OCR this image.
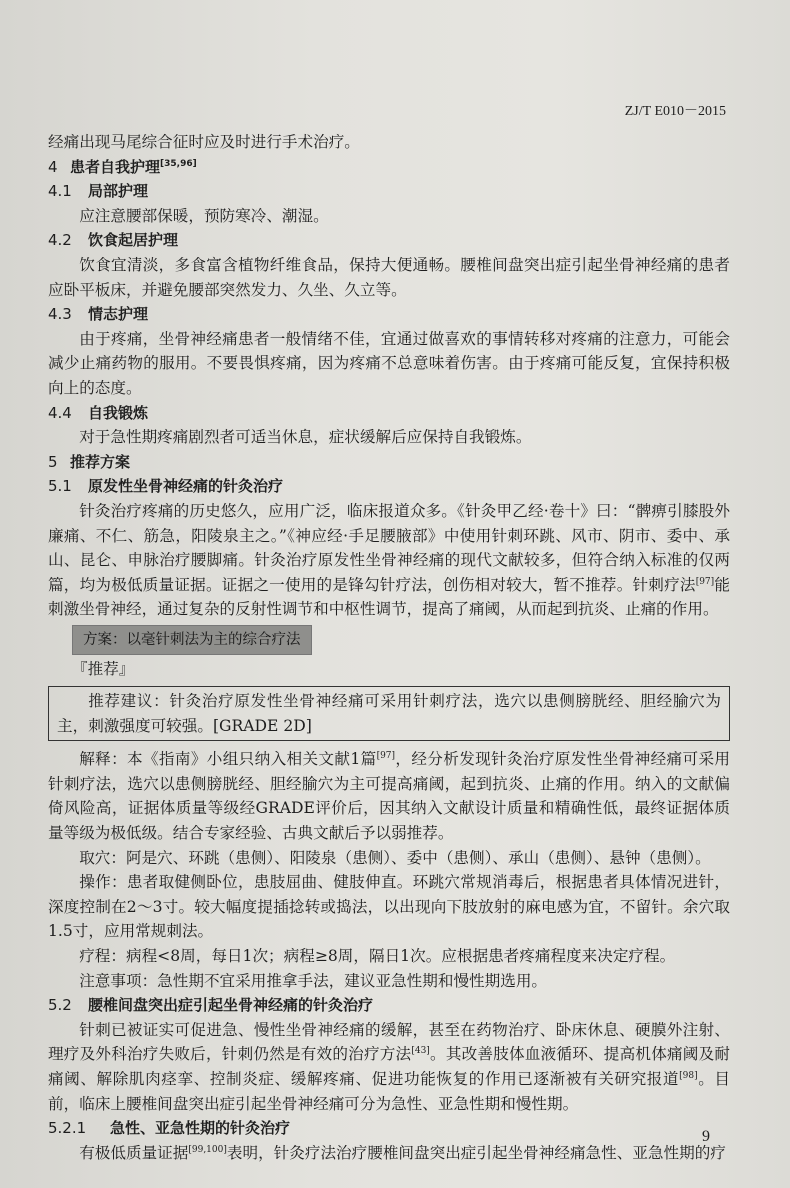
ZJ/T E010－2015

经痛出现马尾综合征时应及时进行手术治疗。

4 患者自我护理[35,96]

4.1 局部护理

应注意腰部保暖，预防寒冷、潮湿。

4.2 饮食起居护理

饮食宜清淡，多食富含植物纤维食品，保持大便通畅。腰椎间盘突出症引起坐骨神经痛的患者应卧平板床，并避免腰部突然发力、久坐、久立等。

4.3 情志护理

由于疼痛，坐骨神经痛患者一般情绪不佳，宜通过做喜欢的事情转移对疼痛的注意力，可能会减少止痛药物的服用。不要畏惧疼痛，因为疼痛不总意味着伤害。由于疼痛可能反复，宜保持积极向上的态度。

4.4 自我锻炼

对于急性期疼痛剧烈者可适当休息，症状缓解后应保持自我锻炼。

5 推荐方案

5.1 原发性坐骨神经痛的针灸治疗

针灸治疗疼痛的历史悠久，应用广泛，临床报道众多。《针灸甲乙经·卷十》曰：“髀痹引膝股外廉痛、不仁、筋急，阳陵泉主之。”《神应经·手足腰腋部》中使用针刺环跳、风市、阴市、委中、承山、昆仑、申脉治疗腰脚痛。针灸治疗原发性坐骨神经痛的现代文献较多，但符合纳入标准的仅两篇，均为极低质量证据。证据之一使用的是锋勾针疗法，创伤相对较大，暂不推荐。针刺疗法[97]能刺激坐骨神经，通过复杂的反射性调节和中枢性调节，提高了痛阈，从而起到抗炎、止痛的作用。

方案：以毫针刺法为主的综合疗法
『推荐』

推荐建议：针灸治疗原发性坐骨神经痛可采用针刺疗法，选穴以患侧膀胱经、胆经腧穴为主，刺激强度可较强。[GRADE 2D]

解释：本《指南》小组只纳入相关文献1篇[97]，经分析发现针灸治疗原发性坐骨神经痛可采用针刺疗法，选穴以患侧膀胱经、胆经腧穴为主可提高痛阈，起到抗炎、止痛的作用。纳入的文献偏倚风险高，证据体质量等级经GRADE评价后，因其纳入文献设计质量和精确性低，最终证据体质量等级为极低级。结合专家经验、古典文献后予以弱推荐。

取穴：阿是穴、环跳（患侧）、阳陵泉（患侧）、委中（患侧）、承山（患侧）、悬钟（患侧）。

操作：患者取健侧卧位，患肢屈曲、健肢伸直。环跳穴常规消毒后，根据患者具体情况进针，深度控制在2～3寸。较大幅度提插捻转或捣法，以出现向下肢放射的麻电感为宜，不留针。余穴取1.5寸，应用常规刺法。

疗程：病程<8周，每日1次；病程≥8周，隔日1次。应根据患者疼痛程度来决定疗程。

注意事项：急性期不宜采用推拿手法，建议亚急性期和慢性期选用。

5.2 腰椎间盘突出症引起坐骨神经痛的针灸治疗

针刺已被证实可促进急、慢性坐骨神经痛的缓解，甚至在药物治疗、卧床休息、硬膜外注射、理疗及外科治疗失败后，针刺仍然是有效的治疗方法[43]。其改善肢体血液循环、提高机体痛阈及耐痛阈、解除肌肉痉挛、控制炎症、缓解疼痛、促进功能恢复的作用已逐渐被有关研究报道[98]。目前，临床上腰椎间盘突出症引起坐骨神经痛可分为急性、亚急性期和慢性期。

5.2.1 急性、亚急性期的针灸治疗

有极低质量证据[99,100]表明，针灸疗法治疗腰椎间盘突出症引起坐骨神经痛急性、亚急性期的疗

9
